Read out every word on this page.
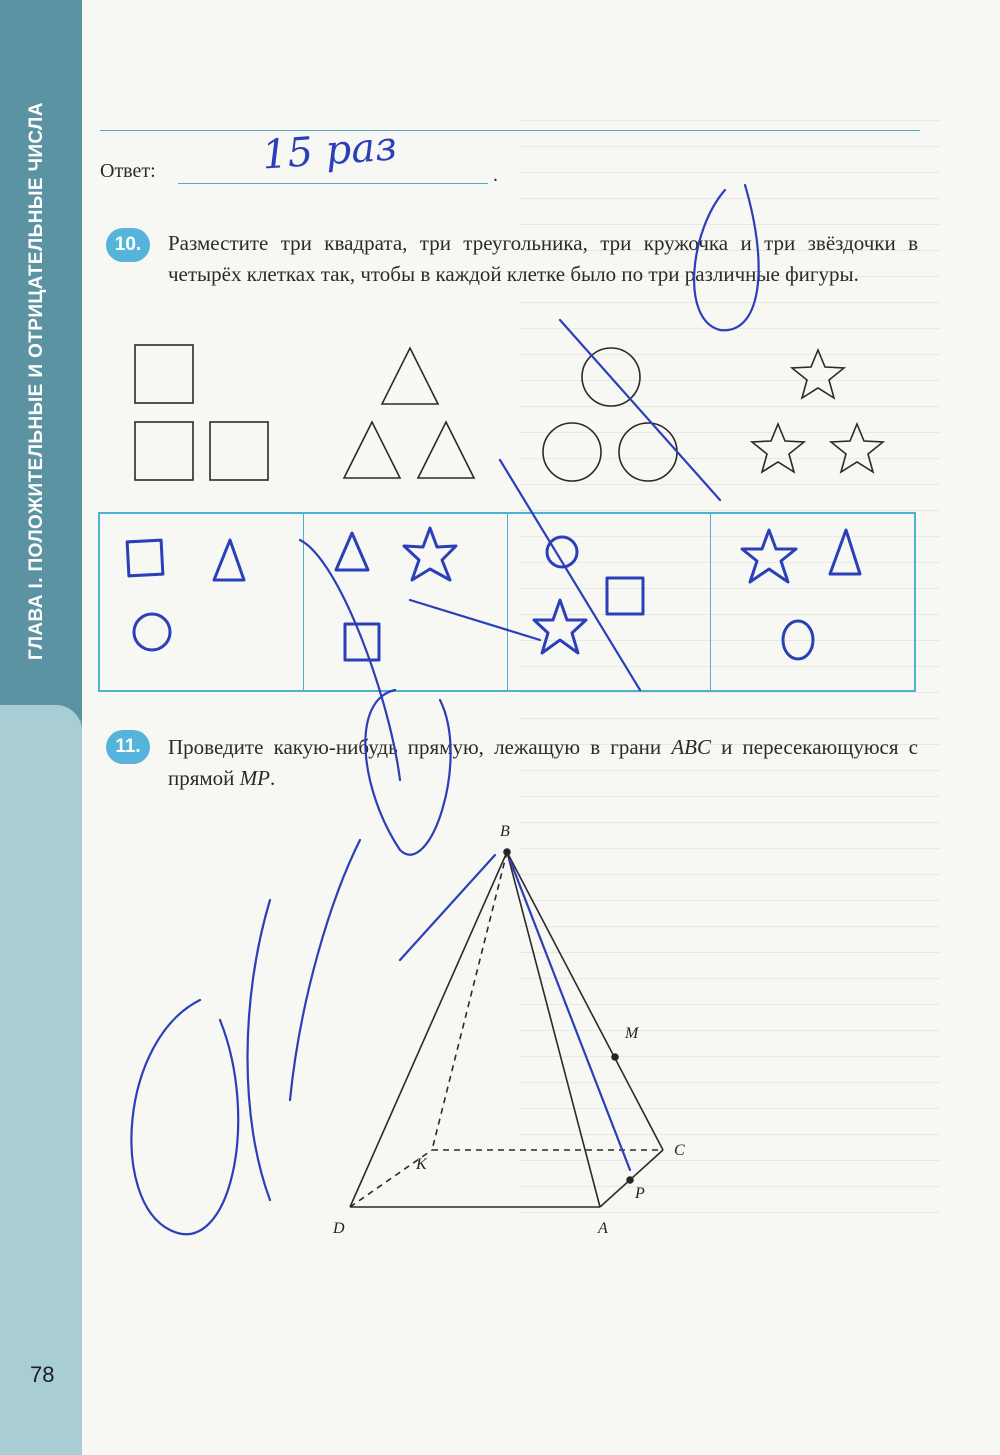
ГЛАВА I. ПОЛОЖИТЕЛЬНЫЕ И ОТРИЦАТЕЛЬНЫЕ ЧИСЛА
78
Ответ:	.
15 раз
10.	Разместите три квадрата, три треугольника, три кружочка и три звёздочки в четырёх клетках так, чтобы в каждой клетке было по три различные фигуры.
11.	Проведите какую-нибудь прямую, лежащую в грани ABC и пересекающуюся с прямой MP.
B
M
C
K
P
D	A
